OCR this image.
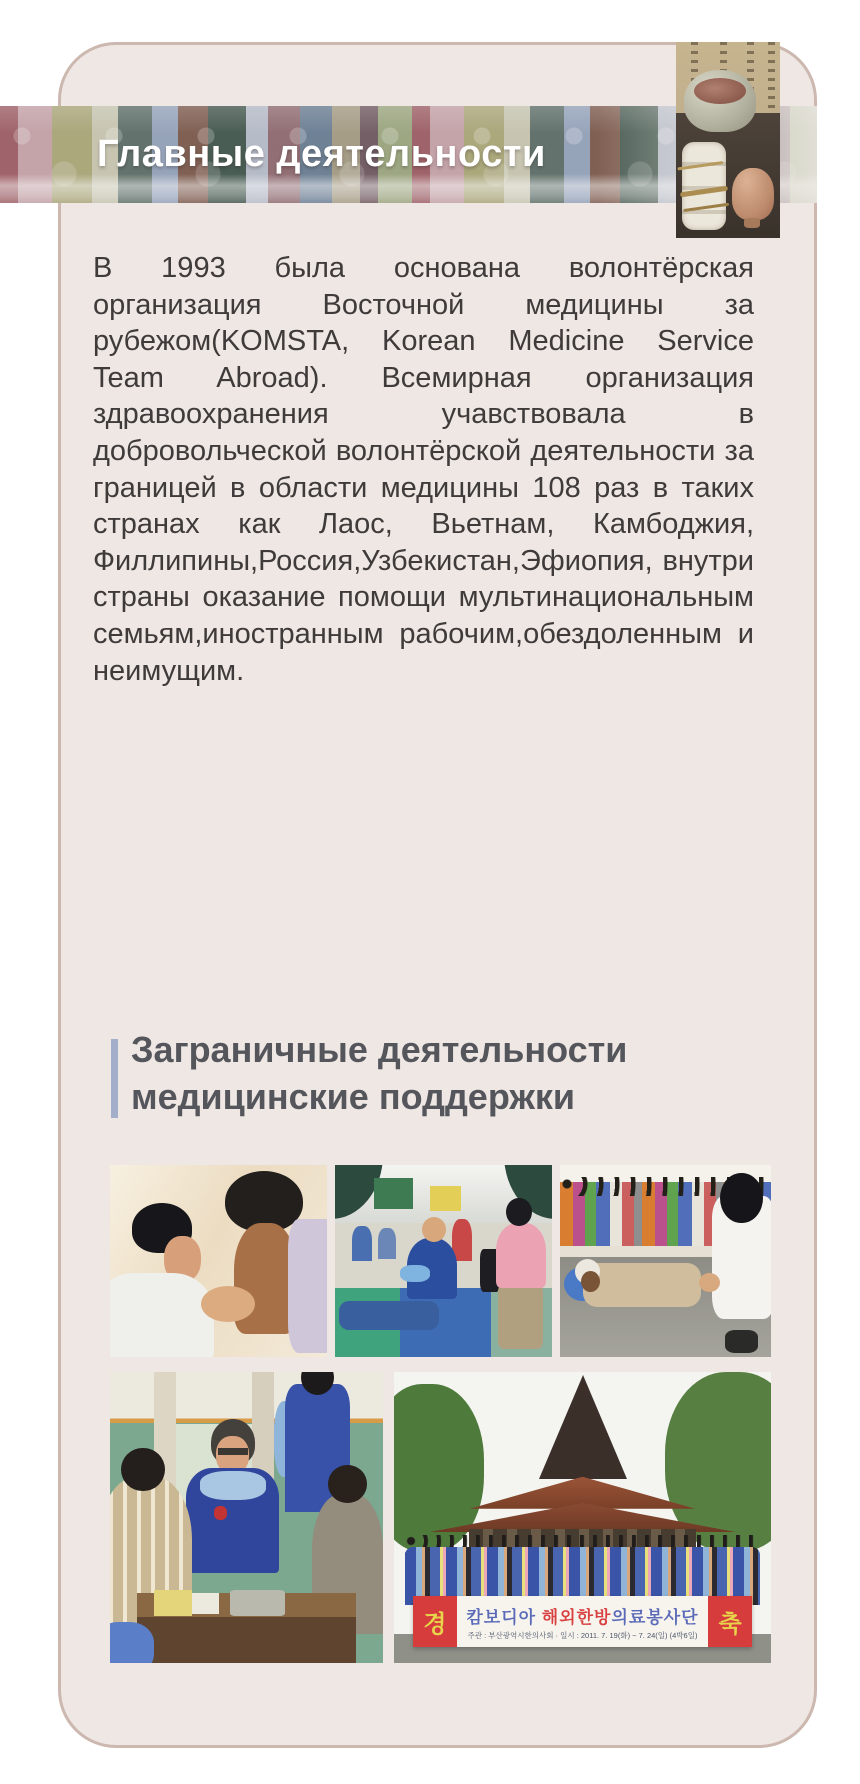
Главные деятельности
В 1993 была основана волонтёрская организация Восточной медицины за рубежом(KOMSTA, Korean Medicine Service Team Abroad). Всемирная организация здравоохранения учавствовала в добровольческой волонтёрской деятельности за границей в области медицины 108 раз в таких странах как Лаос, Вьетнам, Камбоджия, Филлипины,Россия,Узбекистан,Эфиопия, внутри страны оказание помощи мультинациональным семьям,иностранным рабочим,обездоленным и неимущим.
Заграничные деятельности
медицинские поддержки
경	캄보디아 해외한방의료봉사단
주관 : 부산광역시한의사회 · 일시 : 2011. 7. 19(화) ~ 7. 24(일) (4박6일) 축
